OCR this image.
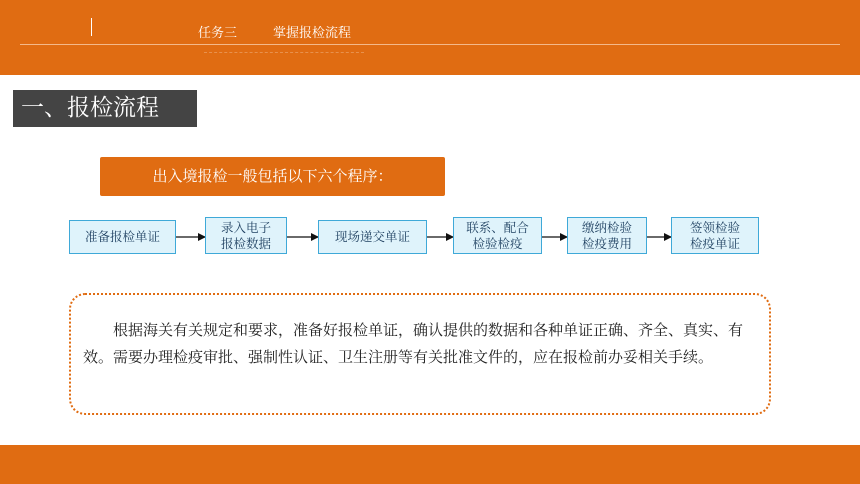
任务三	掌握报检流程
一、报检流程
出入境报检一般包括以下六个程序：
准备报检单证
录入电子
报检数据	现场递交单证
联系、配合
检验检疫
缴纳检验
检疫费用
签领检验
检疫单证

根据海关有关规定和要求，准备好报检单证，确认提供的数据和各种单证正确、齐全、真实、有效。需要办理检疫审批、强制性认证、卫生注册等有关批准文件的，应在报检前办妥相关手续。
